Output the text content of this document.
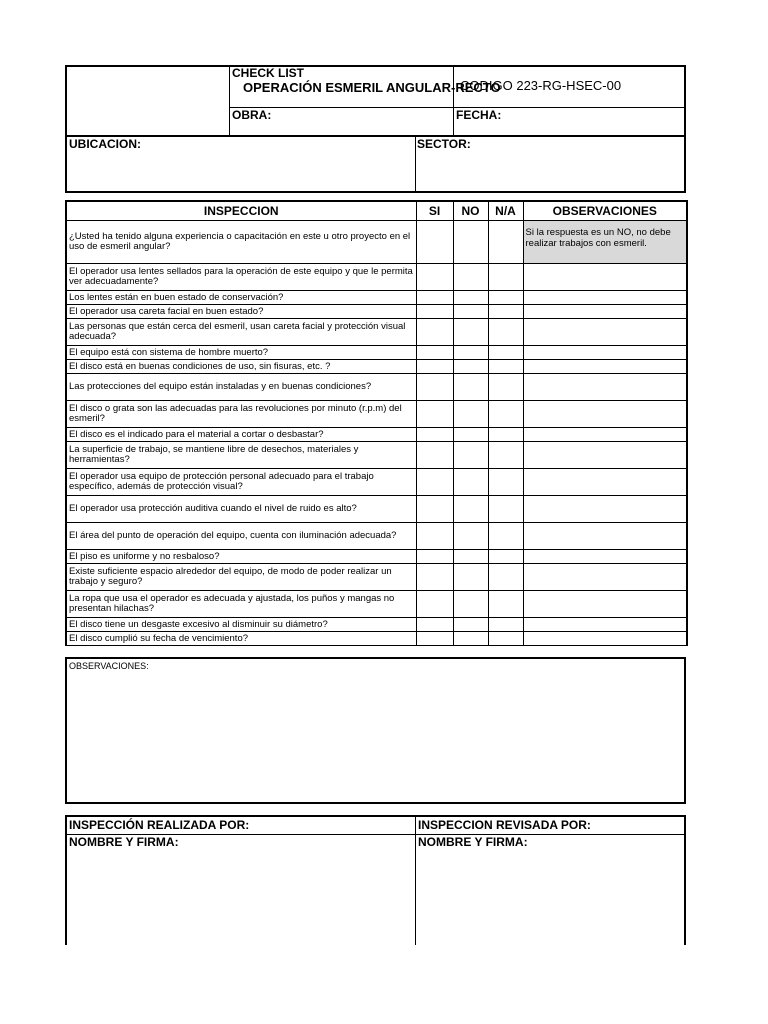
CHECK LIST
OPERACIÓN ESMERIL ANGULAR-RECTO
CODIGO 223-RG-HSEC-00
OBRA:	FECHA:
UBICACION:	SECTOR:
INSPECCION	SI	NO	N/A	OBSERVACIONES
¿Usted ha tenido alguna experiencia o capacitación en este u otro proyecto en el uso de esmeril angular?				Si la respuesta es un NO, no debe realizar trabajos con esmeril.
El operador usa lentes sellados para la operación de este equipo y que le permita ver adecuadamente?				
Los lentes están en buen estado de conservación?				
El operador usa careta facial en buen estado?				
Las personas que están cerca del esmeril, usan careta facial y protección visual adecuada?				
El equipo está con sistema de hombre muerto?				
El disco está en buenas condiciones de uso, sin fisuras, etc. ?				
Las protecciones del equipo están instaladas y en buenas condiciones?				
El disco o grata son las adecuadas para las revoluciones por minuto (r.p.m) del esmeril?				
El disco es el indicado para el material a cortar o desbastar?				
La superficie de trabajo, se mantiene libre de desechos, materiales y herramientas?				
El operador usa equipo de protección personal adecuado para el trabajo específico, además de protección visual?				
El operador usa protección auditiva cuando el nivel de ruido es alto?				
El área del punto de operación del equipo, cuenta con iluminación adecuada?				
El piso es uniforme y no resbaloso?				
Existe suficiente espacio alrededor del equipo, de modo de poder realizar un trabajo y seguro?				
La ropa que usa el operador es adecuada y ajustada, los puños y mangas no presentan hilachas?				
El disco tiene un desgaste excesivo al disminuir su diámetro?				
El disco cumplió su fecha de vencimiento?				
OBSERVACIONES:
INSPECCIÓN REALIZADA POR:	INSPECCION REVISADA POR:
NOMBRE Y FIRMA:	NOMBRE Y FIRMA:
